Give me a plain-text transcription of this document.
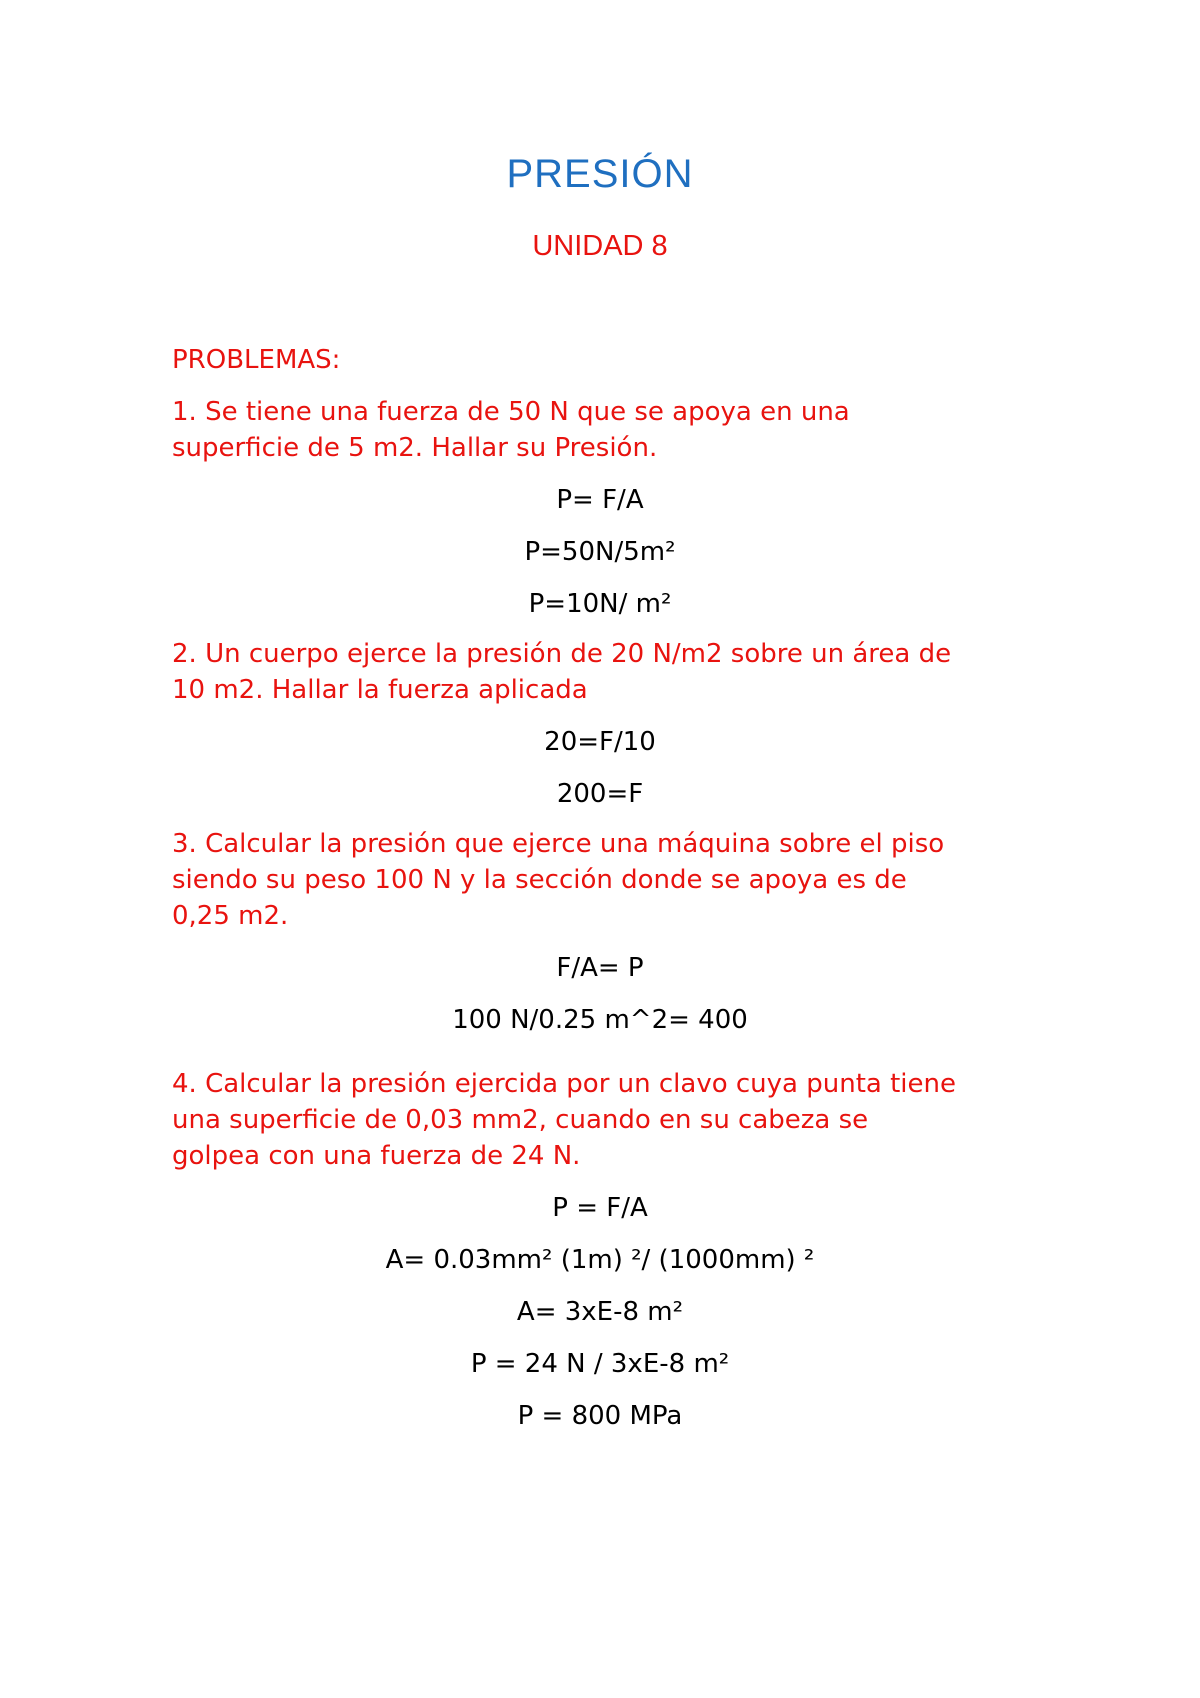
PRESIÓN
UNIDAD 8
PROBLEMAS:
1. Se tiene una fuerza de 50 N que se apoya en una
superficie de 5 m2. Hallar su Presión.
P= F/A
P=50N/5m²
P=10N/ m²
2. Un cuerpo ejerce la presión de 20 N/m2 sobre un área de
10 m2. Hallar la fuerza aplicada
20=F/10
200=F
3. Calcular la presión que ejerce una máquina sobre el piso
siendo su peso 100 N y la sección donde se apoya es de
0,25 m2.
F/A= P
100 N/0.25 m^2= 400
4. Calcular la presión ejercida por un clavo cuya punta tiene
una superficie de 0,03 mm2, cuando en su cabeza se
golpea con una fuerza de 24 N.
P = F/A
A= 0.03mm² (1m) ²/ (1000mm) ²
A= 3xE-8 m²
P = 24 N / 3xE-8 m²
P = 800 MPa
